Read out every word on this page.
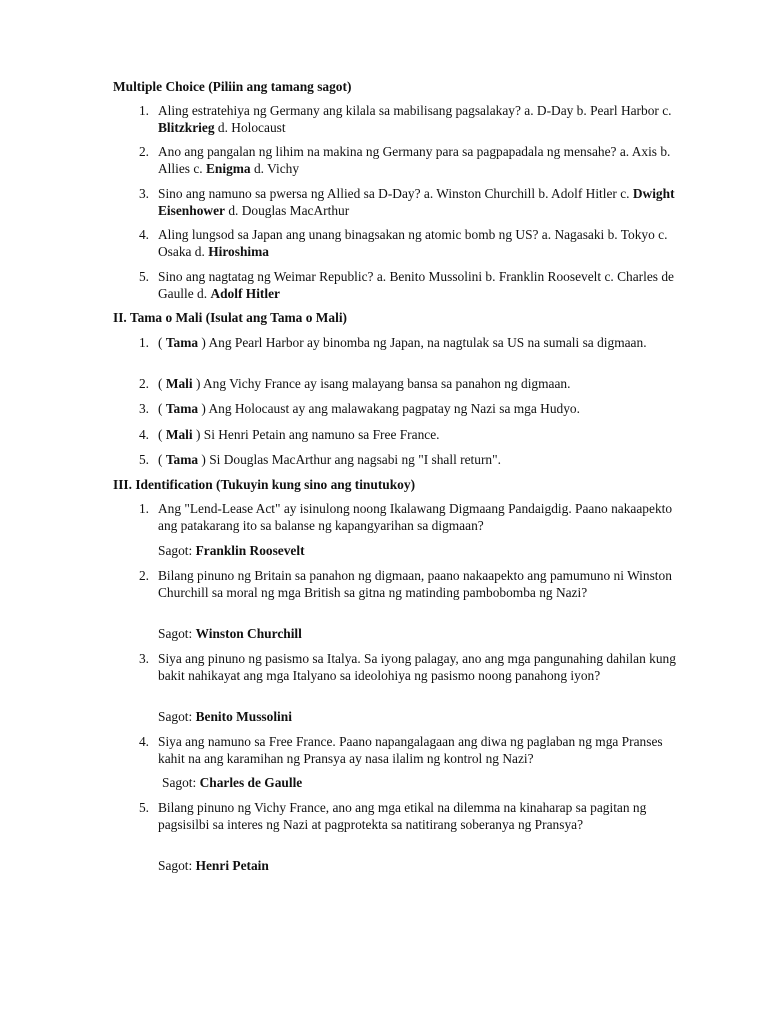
Multiple Choice (Piliin ang tamang sagot)
1. Aling estratehiya ng Germany ang kilala sa mabilisang pagsalakay? a. D-Day b. Pearl Harbor c. Blitzkrieg d. Holocaust
2. Ano ang pangalan ng lihim na makina ng Germany para sa pagpapadala ng mensahe? a. Axis b. Allies c. Enigma d. Vichy
3. Sino ang namuno sa pwersa ng Allied sa D-Day? a. Winston Churchill b. Adolf Hitler c. Dwight Eisenhower d. Douglas MacArthur
4. Aling lungsod sa Japan ang unang binagsakan ng atomic bomb ng US? a. Nagasaki b. Tokyo c. Osaka d. Hiroshima
5. Sino ang nagtatag ng Weimar Republic? a. Benito Mussolini b. Franklin Roosevelt c. Charles de Gaulle d. Adolf Hitler
II. Tama o Mali (Isulat ang Tama o Mali)
1. ( Tama ) Ang Pearl Harbor ay binomba ng Japan, na nagtulak sa US na sumali sa digmaan.
2. ( Mali ) Ang Vichy France ay isang malayang bansa sa panahon ng digmaan.
3. ( Tama ) Ang Holocaust ay ang malawakang pagpatay ng Nazi sa mga Hudyo.
4. ( Mali ) Si Henri Petain ang namuno sa Free France.
5. ( Tama ) Si Douglas MacArthur ang nagsabi ng "I shall return".
III. Identification (Tukuyin kung sino ang tinutukoy)
1. Ang "Lend-Lease Act" ay isinulong noong Ikalawang Digmaang Pandaigdig. Paano nakaapekto ang patakarang ito sa balanse ng kapangyarihan sa digmaan?
Sagot: Franklin Roosevelt
2. Bilang pinuno ng Britain sa panahon ng digmaan, paano nakaapekto ang pamumuno ni Winston Churchill sa moral ng mga British sa gitna ng matinding pambobomba ng Nazi?
Sagot: Winston Churchill
3. Siya ang pinuno ng pasismo sa Italya. Sa iyong palagay, ano ang mga pangunahing dahilan kung bakit nahikayat ang mga Italyano sa ideolohiya ng pasismo noong panahong iyon?
Sagot: Benito Mussolini
4. Siya ang namuno sa Free France. Paano napangalagaan ang diwa ng paglaban ng mga Pranses kahit na ang karamihan ng Pransya ay nasa ilalim ng kontrol ng Nazi?
Sagot: Charles de Gaulle
5. Bilang pinuno ng Vichy France, ano ang mga etikal na dilemma na kinaharap sa pagitan ng pagsisilbi sa interes ng Nazi at pagprotekta sa natitirang soberanya ng Pransya?
Sagot: Henri Petain
